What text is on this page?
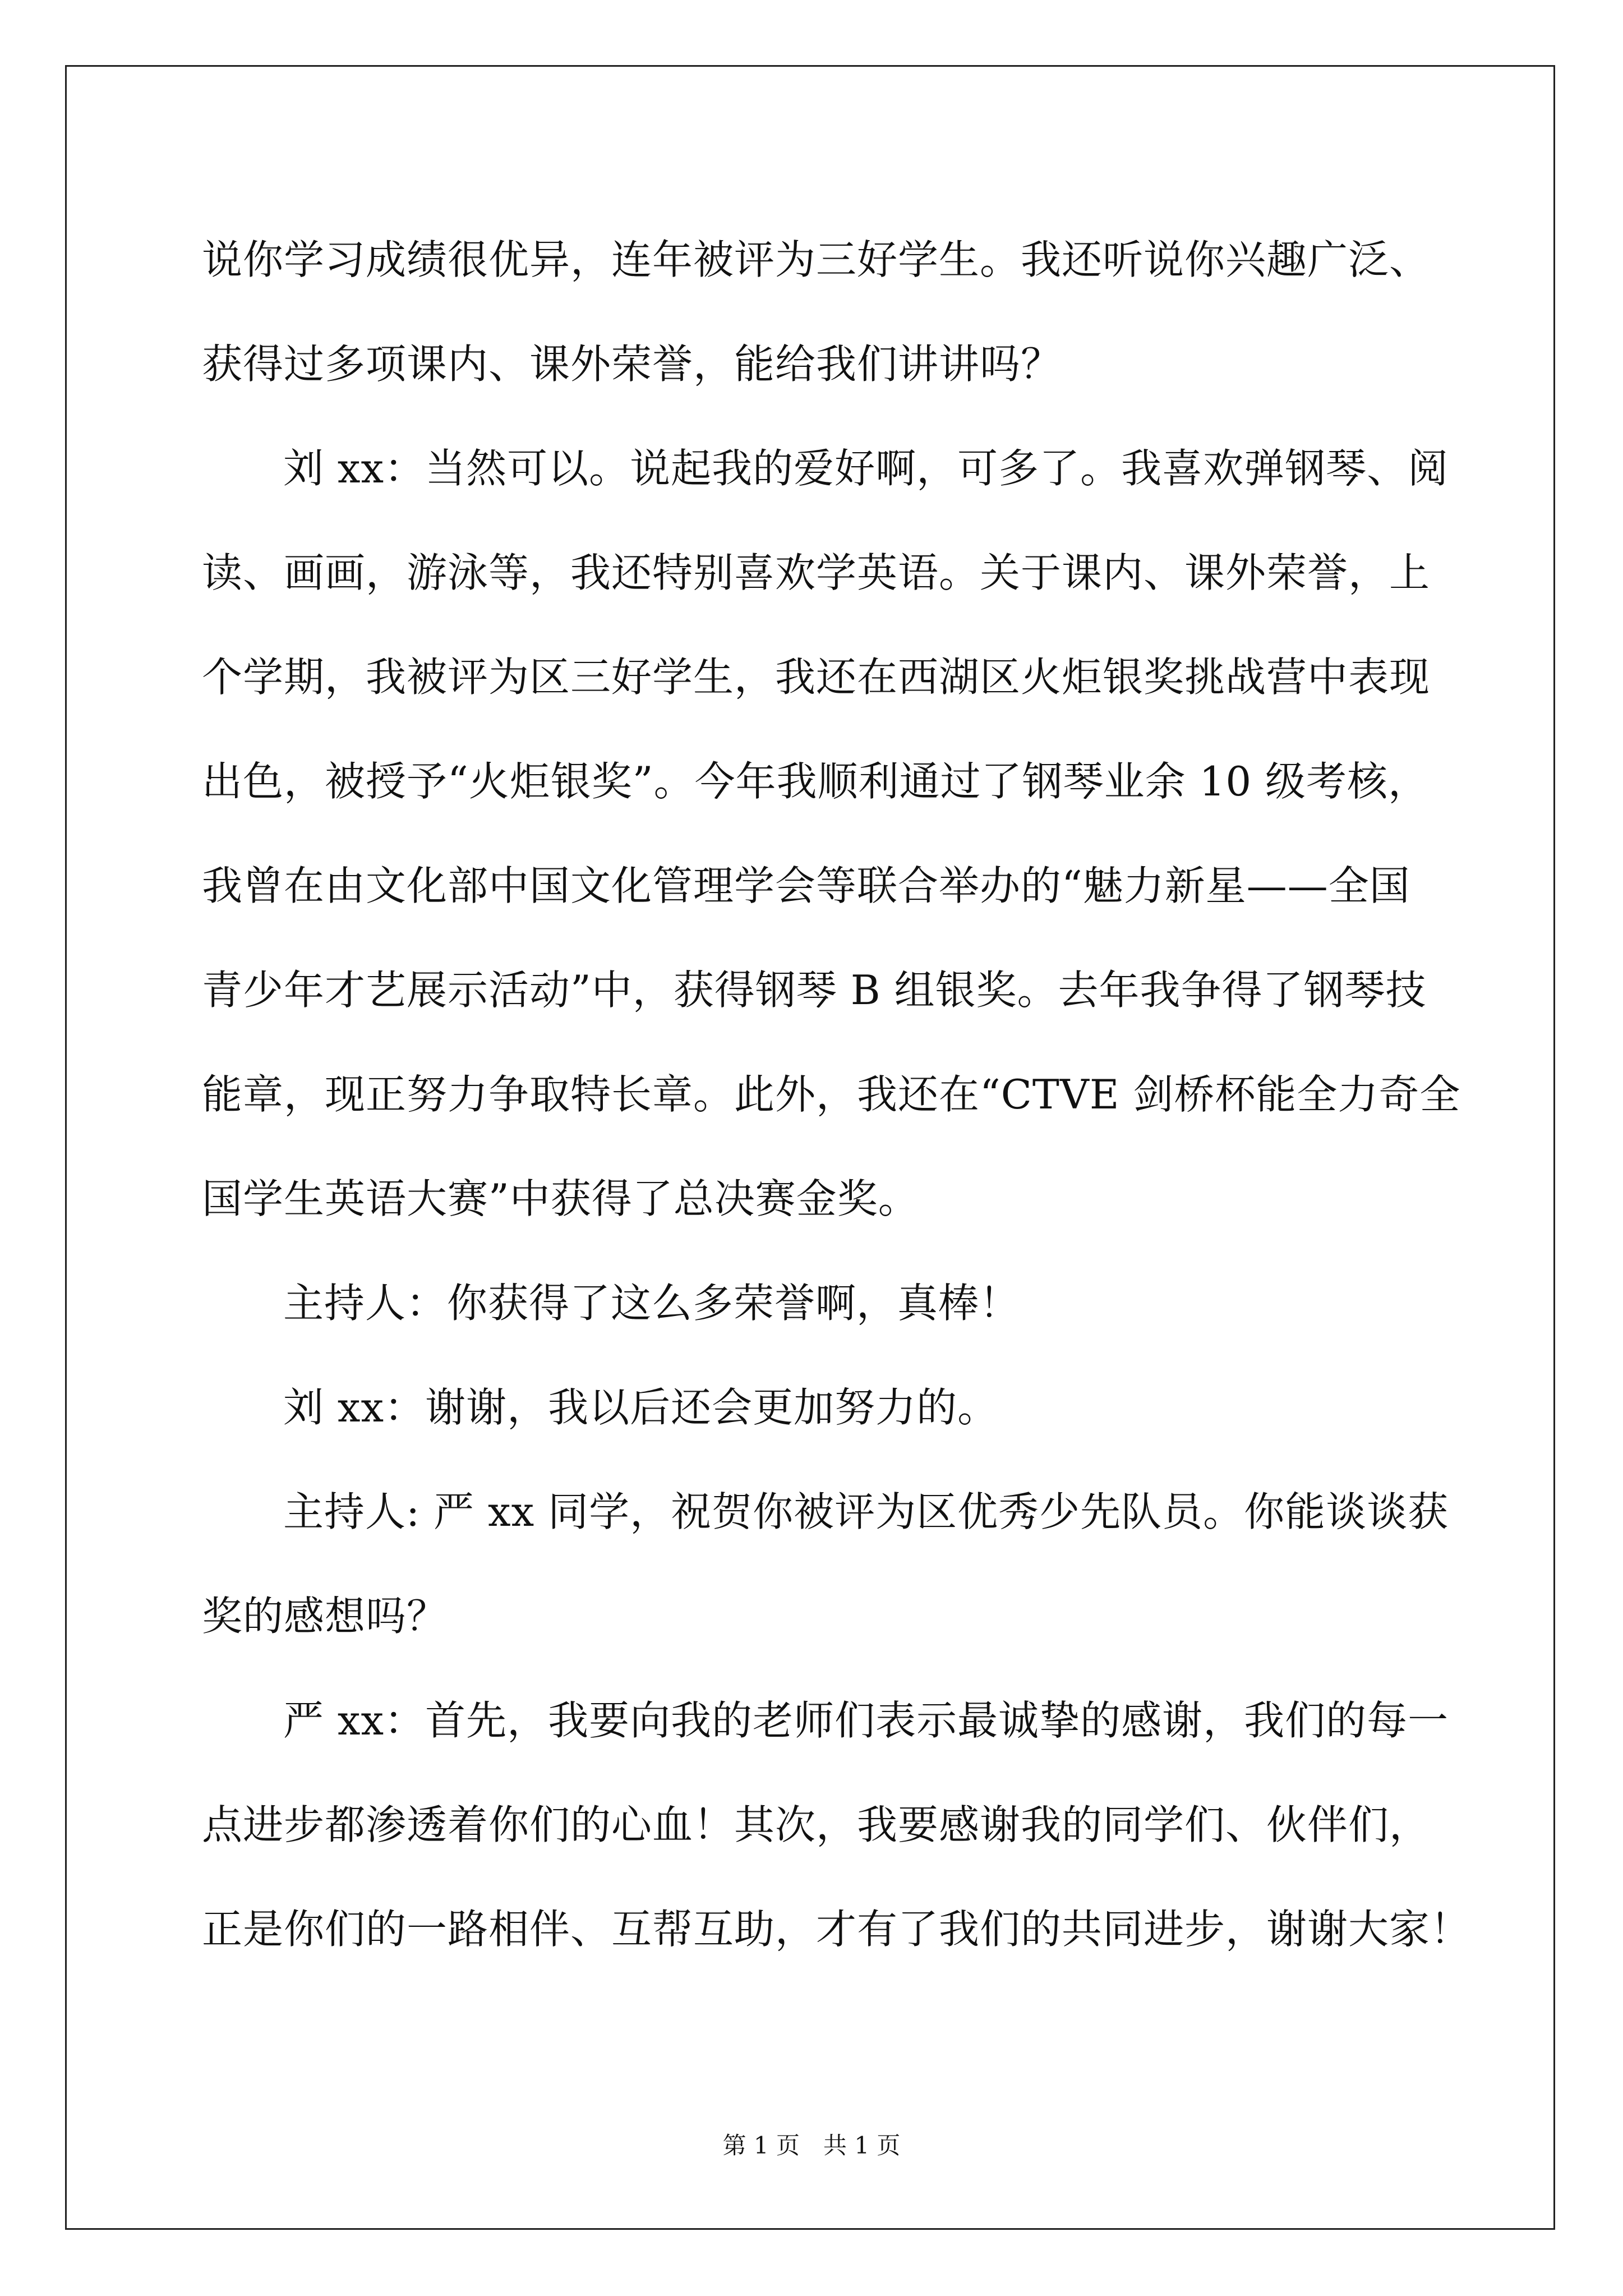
说你学习成绩很优异，连年被评为三好学生。我还听说你兴趣广泛、
获得过多项课内、课外荣誉，能给我们讲讲吗？
刘 xx：当然可以。说起我的爱好啊，可多了。我喜欢弹钢琴、阅
读、画画，游泳等，我还特别喜欢学英语。关于课内、课外荣誉，上
个学期，我被评为区三好学生，我还在西湖区火炬银奖挑战营中表现
出色，被授予“火炬银奖”。今年我顺利通过了钢琴业余 10 级考核，
我曾在由文化部中国文化管理学会等联合举办的“魅力新星——全国
青少年才艺展示活动”中，获得钢琴 B 组银奖。去年我争得了钢琴技
能章，现正努力争取特长章。此外，我还在“CTVE 剑桥杯能全力奇全
国学生英语大赛”中获得了总决赛金奖。
主持人：你获得了这么多荣誉啊，真棒！
刘 xx：谢谢，我以后还会更加努力的。
主持人: 严 xx 同学，祝贺你被评为区优秀少先队员。你能谈谈获
奖的感想吗？
严 xx：首先，我要向我的老师们表示最诚挚的感谢，我们的每一
点进步都渗透着你们的心血！其次，我要感谢我的同学们、伙伴们，
正是你们的一路相伴、互帮互助，才有了我们的共同进步，谢谢大家！
第 1 页　共 1 页
